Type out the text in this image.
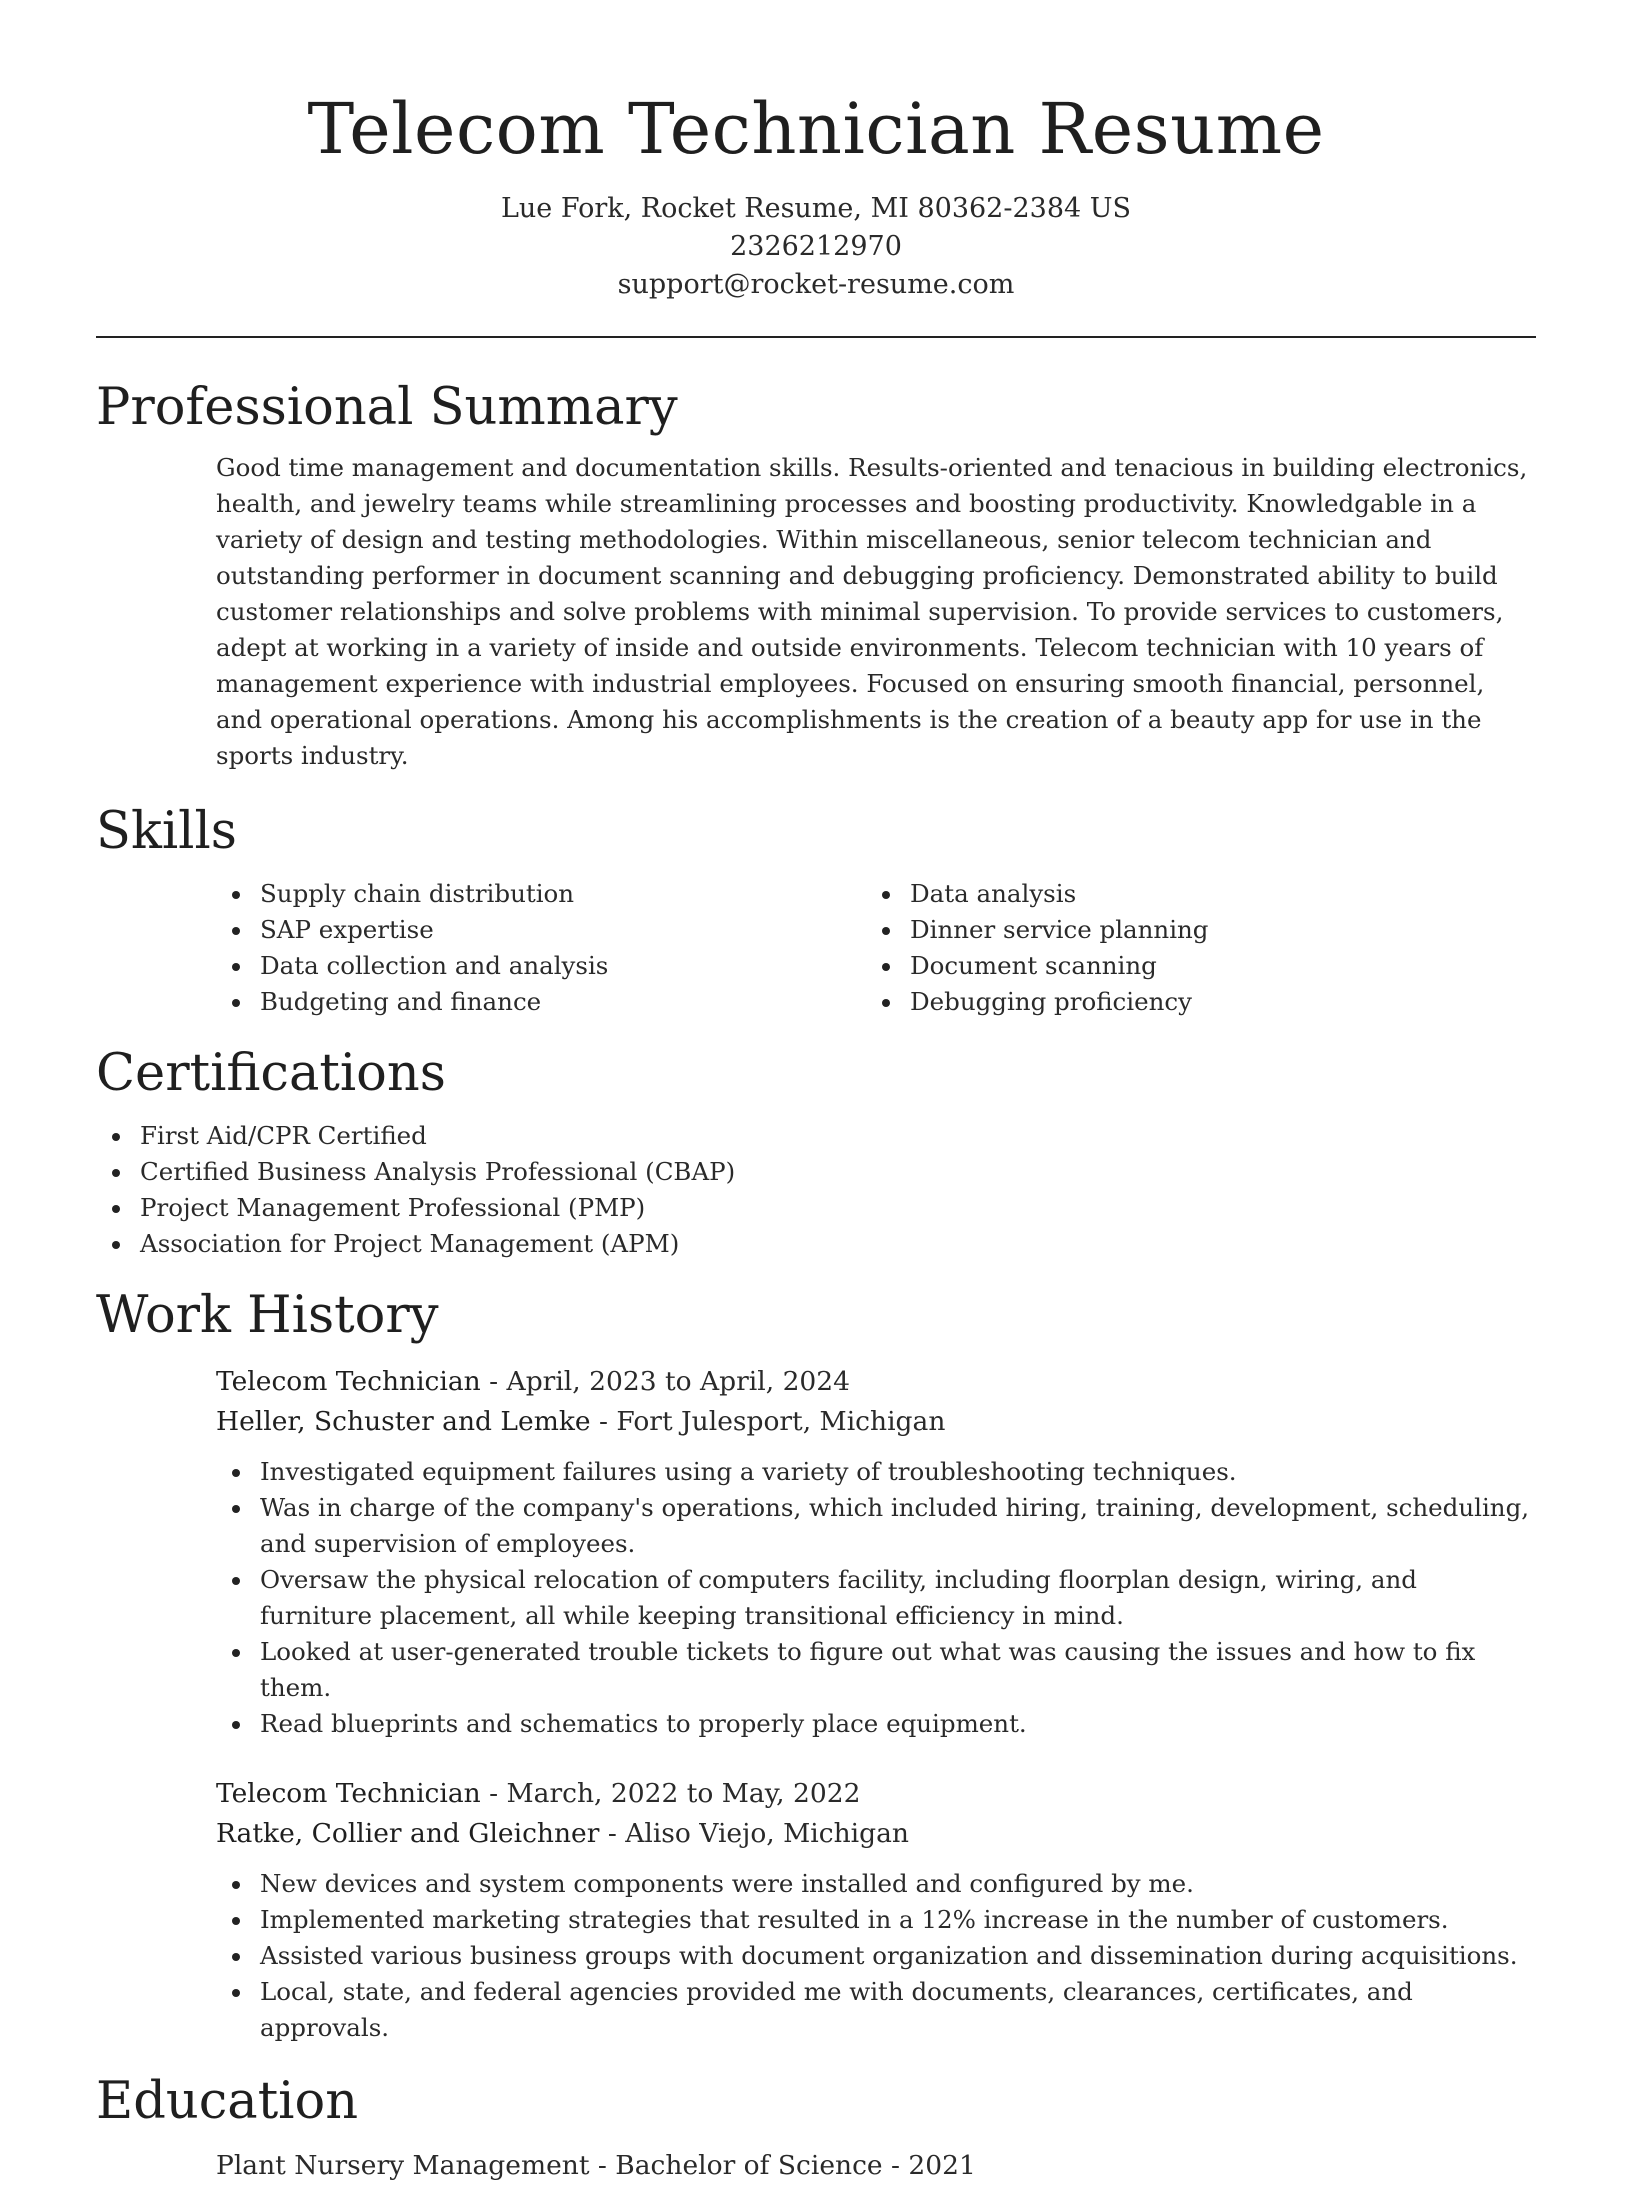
Telecom Technician Resume
Lue Fork, Rocket Resume, MI 80362-2384 US
2326212970
support@rocket-resume.com
Professional Summary

Good time management and documentation skills. Results-oriented and tenacious in building electronics, health, and jewelry teams while streamlining processes and boosting productivity. Knowledgable in a variety of design and testing methodologies. Within miscellaneous, senior telecom technician and outstanding performer in document scanning and debugging proficiency. Demonstrated ability to build customer relationships and solve problems with minimal supervision. To provide services to customers, adept at working in a variety of inside and outside environments. Telecom technician with 10 years of management experience with industrial employees. Focused on ensuring smooth financial, personnel, and operational operations. Among his accomplishments is the creation of a beauty app for use in the sports industry.

Skills
Supply chain distribution
SAP expertise
Data collection and analysis
Budgeting and finance
Data analysis
Dinner service planning
Document scanning
Debugging proficiency
Certifications
First Aid/CPR Certified
Certified Business Analysis Professional (CBAP)
Project Management Professional (PMP)
Association for Project Management (APM)
Work History
Telecom Technician - April, 2023 to April, 2024
Heller, Schuster and Lemke - Fort Julesport, Michigan
Investigated equipment failures using a variety of troubleshooting techniques.
Was in charge of the company's operations, which included hiring, training, development, scheduling, and supervision of employees.
Oversaw the physical relocation of computers facility, including floorplan design, wiring, and furniture placement, all while keeping transitional efficiency in mind.
Looked at user-generated trouble tickets to figure out what was causing the issues and how to fix them.
Read blueprints and schematics to properly place equipment.
Telecom Technician - March, 2022 to May, 2022
Ratke, Collier and Gleichner - Aliso Viejo, Michigan
New devices and system components were installed and configured by me.
Implemented marketing strategies that resulted in a 12% increase in the number of customers.
Assisted various business groups with document organization and dissemination during acquisitions.
Local, state, and federal agencies provided me with documents, clearances, certificates, and approvals.
Education
Plant Nursery Management - Bachelor of Science - 2021
